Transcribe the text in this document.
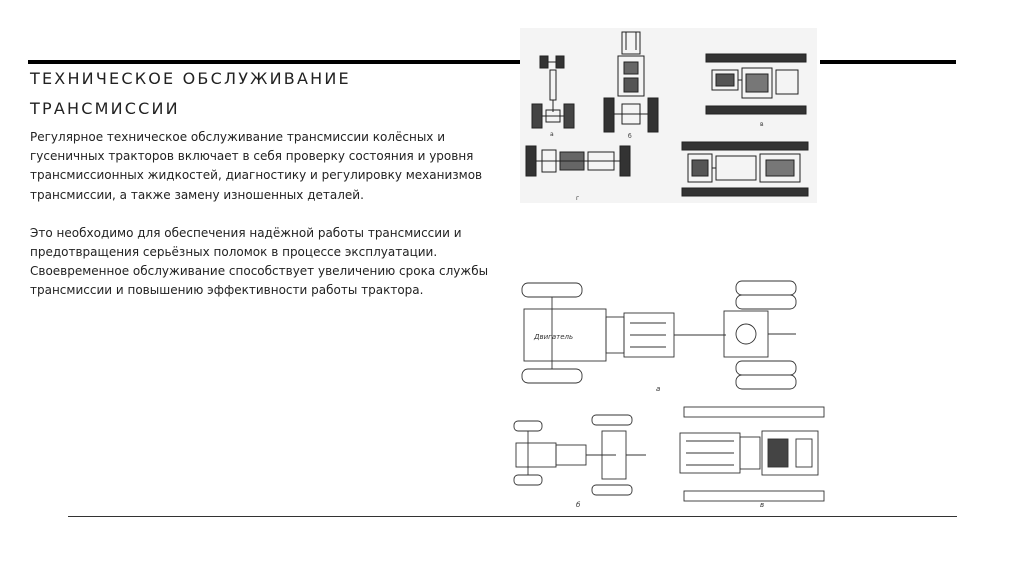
ТЕХНИЧЕСКОЕ ОБСЛУЖИВАНИЕ
ТРАНСМИССИИ

Регулярное техническое обслуживание трансмиссии колёсных и гусеничных тракторов включает в себя проверку состояния и уровня трансмиссионных жидкостей, диагностику и регулировку механизмов трансмиссии, а также замену изношенных деталей.

Это необходимо для обеспечения надёжной работы трансмиссии и предотвращения серьёзных поломок в процессе эксплуатации. Своевременное обслуживание способствует увеличению срока службы трансмиссии и повышению эффективности работы трактора.

а	б
в
г
Двигатель
а
б	в
